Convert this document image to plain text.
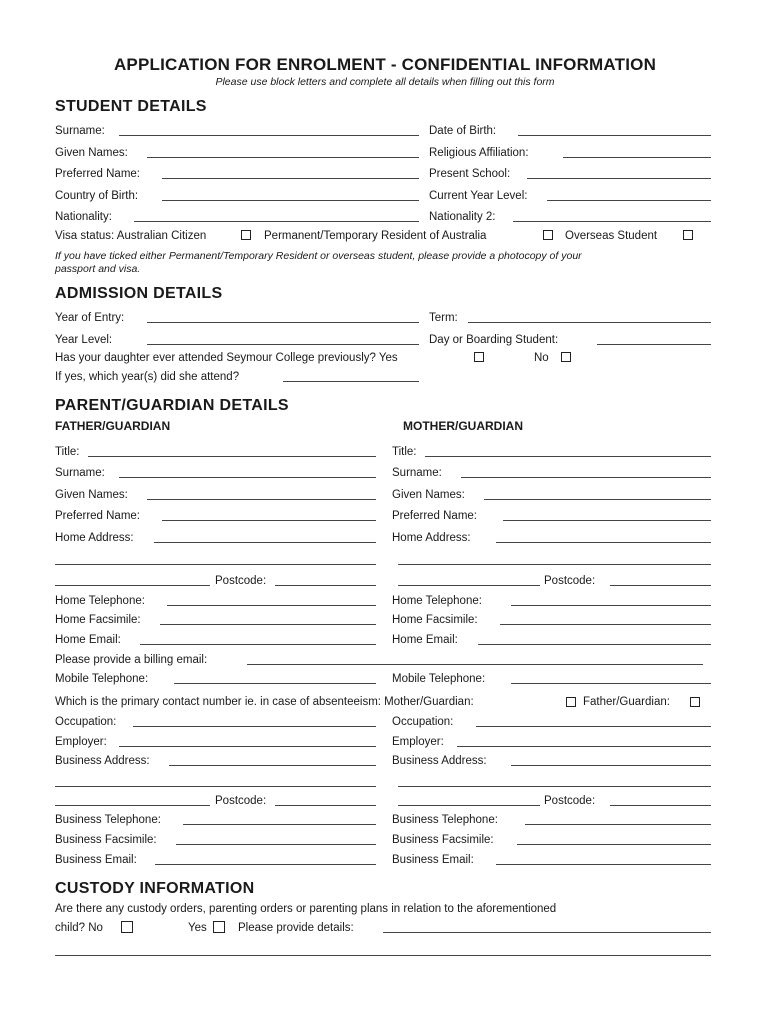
APPLICATION FOR ENROLMENT - CONFIDENTIAL INFORMATION
Please use block letters and complete all details when filling out this form
STUDENT DETAILS
Surname:	Date of Birth:
Given Names:	Religious Affiliation:
Preferred Name:	Present School:
Country of Birth:	Current Year Level:
Nationality:	Nationality 2:
Visa status: Australian Citizen	Permanent/Temporary Resident of Australia	Overseas Student
If you have ticked either Permanent/Temporary Resident or overseas student, please provide a photocopy of your
passport and visa.
ADMISSION DETAILS
Year of Entry:	Term:
Year Level:	Day or Boarding Student:
Has your daughter ever attended Seymour College previously? Yes	No
If yes, which year(s) did she attend?
PARENT/GUARDIAN DETAILS
FATHER/GUARDIAN	MOTHER/GUARDIAN
Title:	Title:
Surname:	Surname:
Given Names:	Given Names:
Preferred Name:	Preferred Name:
Home Address:	Home Address:
Postcode:	Postcode:
Home Telephone:	Home Telephone:
Home Facsimile:	Home Facsimile:
Home Email:	Home Email:
Please provide a billing email:
Mobile Telephone:	Mobile Telephone:
Which is the primary contact number ie. in case of absenteeism: Mother/Guardian:	Father/Guardian:
Occupation:	Occupation:
Employer:	Employer:
Business Address:	Business Address:
Postcode:	Postcode:
Business Telephone:	Business Telephone:
Business Facsimile:	Business Facsimile:
Business Email:	Business Email:
CUSTODY INFORMATION
Are there any custody orders, parenting orders or parenting plans in relation to the aforementioned
child? No	Yes	Please provide details:
